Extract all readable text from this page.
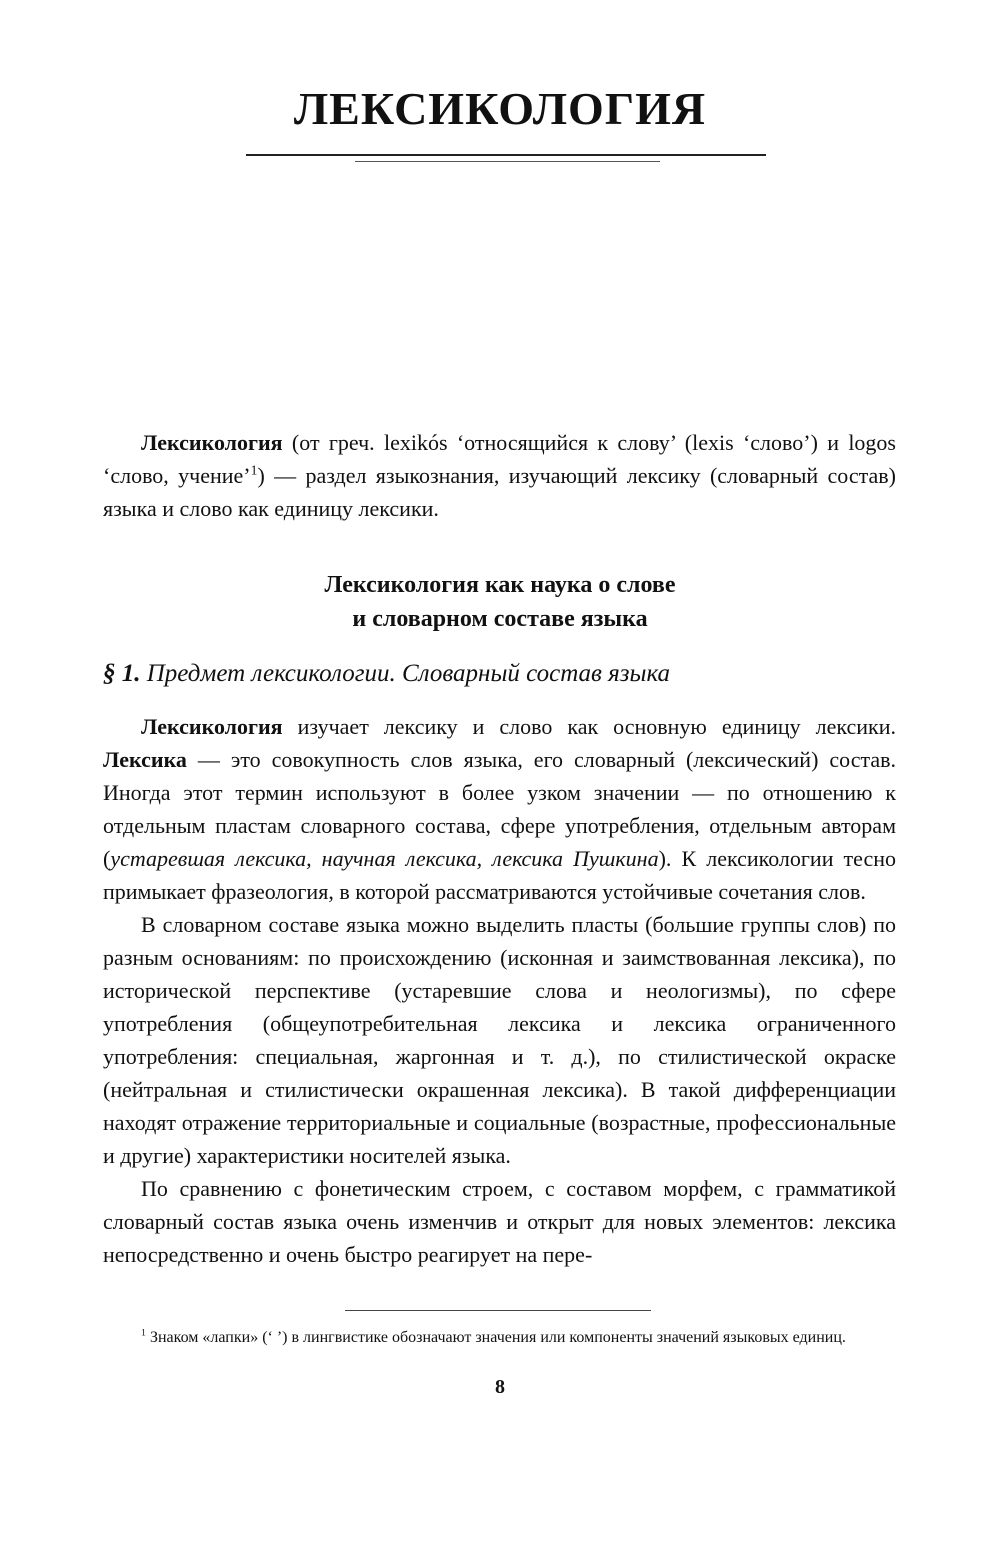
ЛЕКСИКОЛОГИЯ

Лексикология (от греч. lexikós ‘относящийся к слову’ (lexis ‘слово’) и logos ‘слово, учение’$^1$) — раздел языкознания, изучающий лексику (словарный состав) языка и слово как единицу лексики.

Лексикология как наука о слове
и словарном составе языка
§ 1. Предмет лексикологии. Словарный состав языка

Лексикология изучает лексику и слово как основную единицу лексики. Лексика — это совокупность слов языка, его словарный (лексический) состав. Иногда этот термин используют в более узком значении — по отношению к отдельным пластам словарного состава, сфере употребления, отдельным авторам (устаревшая лексика, научная лексика, лексика Пушкина). К лексикологии тесно примыкает фразеология, в которой рассматриваются устойчивые сочетания слов.

В словарном составе языка можно выделить пласты (большие группы слов) по разным основаниям: по происхождению (исконная и заимствованная лексика), по исторической перспективе (устаревшие слова и неологизмы), по сфере употребления (общеупотребительная лексика и лексика ограниченного употребления: специальная, жаргонная и т. д.), по стилистической окраске (нейтральная и стилистически окрашенная лексика). В такой дифференциации находят отражение территориальные и социальные (возрастные, профессиональные и другие) характеристики носителей языка.

По сравнению с фонетическим строем, с составом морфем, с грамматикой словарный состав языка очень изменчив и открыт для новых элементов: лексика непосредственно и очень быстро реагирует на пере-

$^1$ Знаком «лапки» (‘ ’) в лингвистике обозначают значения или компоненты значений языковых единиц.
8
